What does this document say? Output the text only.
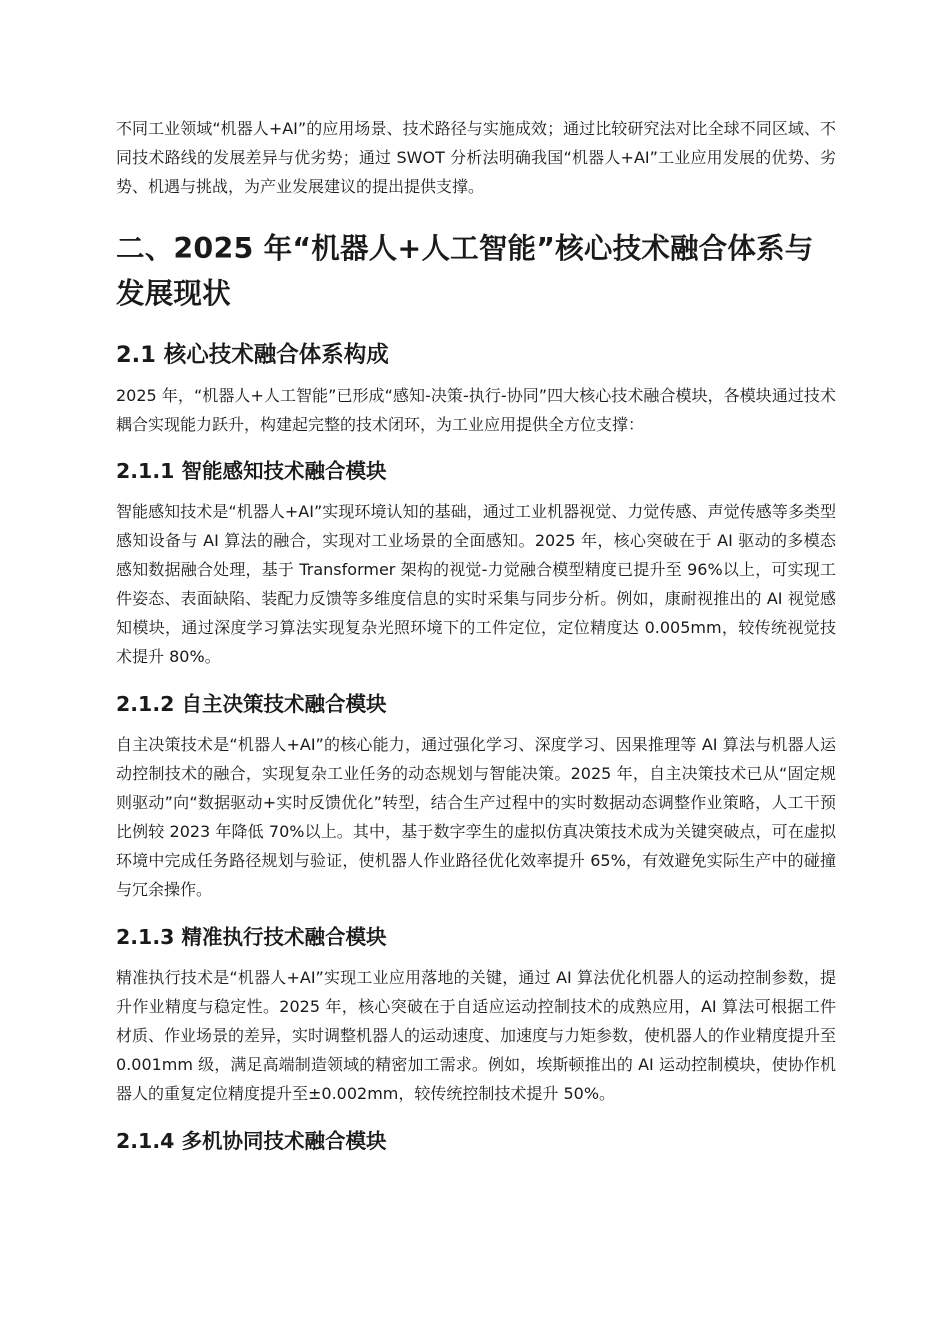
不同工业领域“机器人+AI”的应用场景、技术路径与实施成效；通过比较研究法对比全球不同区域、不同技术路线的发展差异与优劣势；通过 SWOT 分析法明确我国“机器人+AI”工业应用发展的优势、劣势、机遇与挑战，为产业发展建议的提出提供支撑。

二、2025 年“机器人+人工智能”核心技术融合体系与发展现状
2.1 核心技术融合体系构成

2025 年，“机器人+人工智能”已形成“感知-决策-执行-协同”四大核心技术融合模块，各模块通过技术耦合实现能力跃升，构建起完整的技术闭环，为工业应用提供全方位支撑：

2.1.1 智能感知技术融合模块

智能感知技术是“机器人+AI”实现环境认知的基础，通过工业机器视觉、力觉传感、声觉传感等多类型感知设备与 AI 算法的融合，实现对工业场景的全面感知。2025 年，核心突破在于 AI 驱动的多模态感知数据融合处理，基于 Transformer 架构的视觉-力觉融合模型精度已提升至 96%以上，可实现工件姿态、表面缺陷、装配力反馈等多维度信息的实时采集与同步分析。例如，康耐视推出的 AI 视觉感知模块，通过深度学习算法实现复杂光照环境下的工件定位，定位精度达 0.005mm，较传统视觉技术提升 80%。

2.1.2 自主决策技术融合模块

自主决策技术是“机器人+AI”的核心能力，通过强化学习、深度学习、因果推理等 AI 算法与机器人运动控制技术的融合，实现复杂工业任务的动态规划与智能决策。2025 年，自主决策技术已从“固定规则驱动”向“数据驱动+实时反馈优化”转型，结合生产过程中的实时数据动态调整作业策略，人工干预比例较 2023 年降低 70%以上。其中，基于数字孪生的虚拟仿真决策技术成为关键突破点，可在虚拟环境中完成任务路径规划与验证，使机器人作业路径优化效率提升 65%，有效避免实际生产中的碰撞与冗余操作。

2.1.3 精准执行技术融合模块

精准执行技术是“机器人+AI”实现工业应用落地的关键，通过 AI 算法优化机器人的运动控制参数，提升作业精度与稳定性。2025 年，核心突破在于自适应运动控制技术的成熟应用，AI 算法可根据工件材质、作业场景的差异，实时调整机器人的运动速度、加速度与力矩参数，使机器人的作业精度提升至 0.001mm 级，满足高端制造领域的精密加工需求。例如，埃斯顿推出的 AI 运动控制模块，使协作机器人的重复定位精度提升至±0.002mm，较传统控制技术提升 50%。

2.1.4 多机协同技术融合模块
